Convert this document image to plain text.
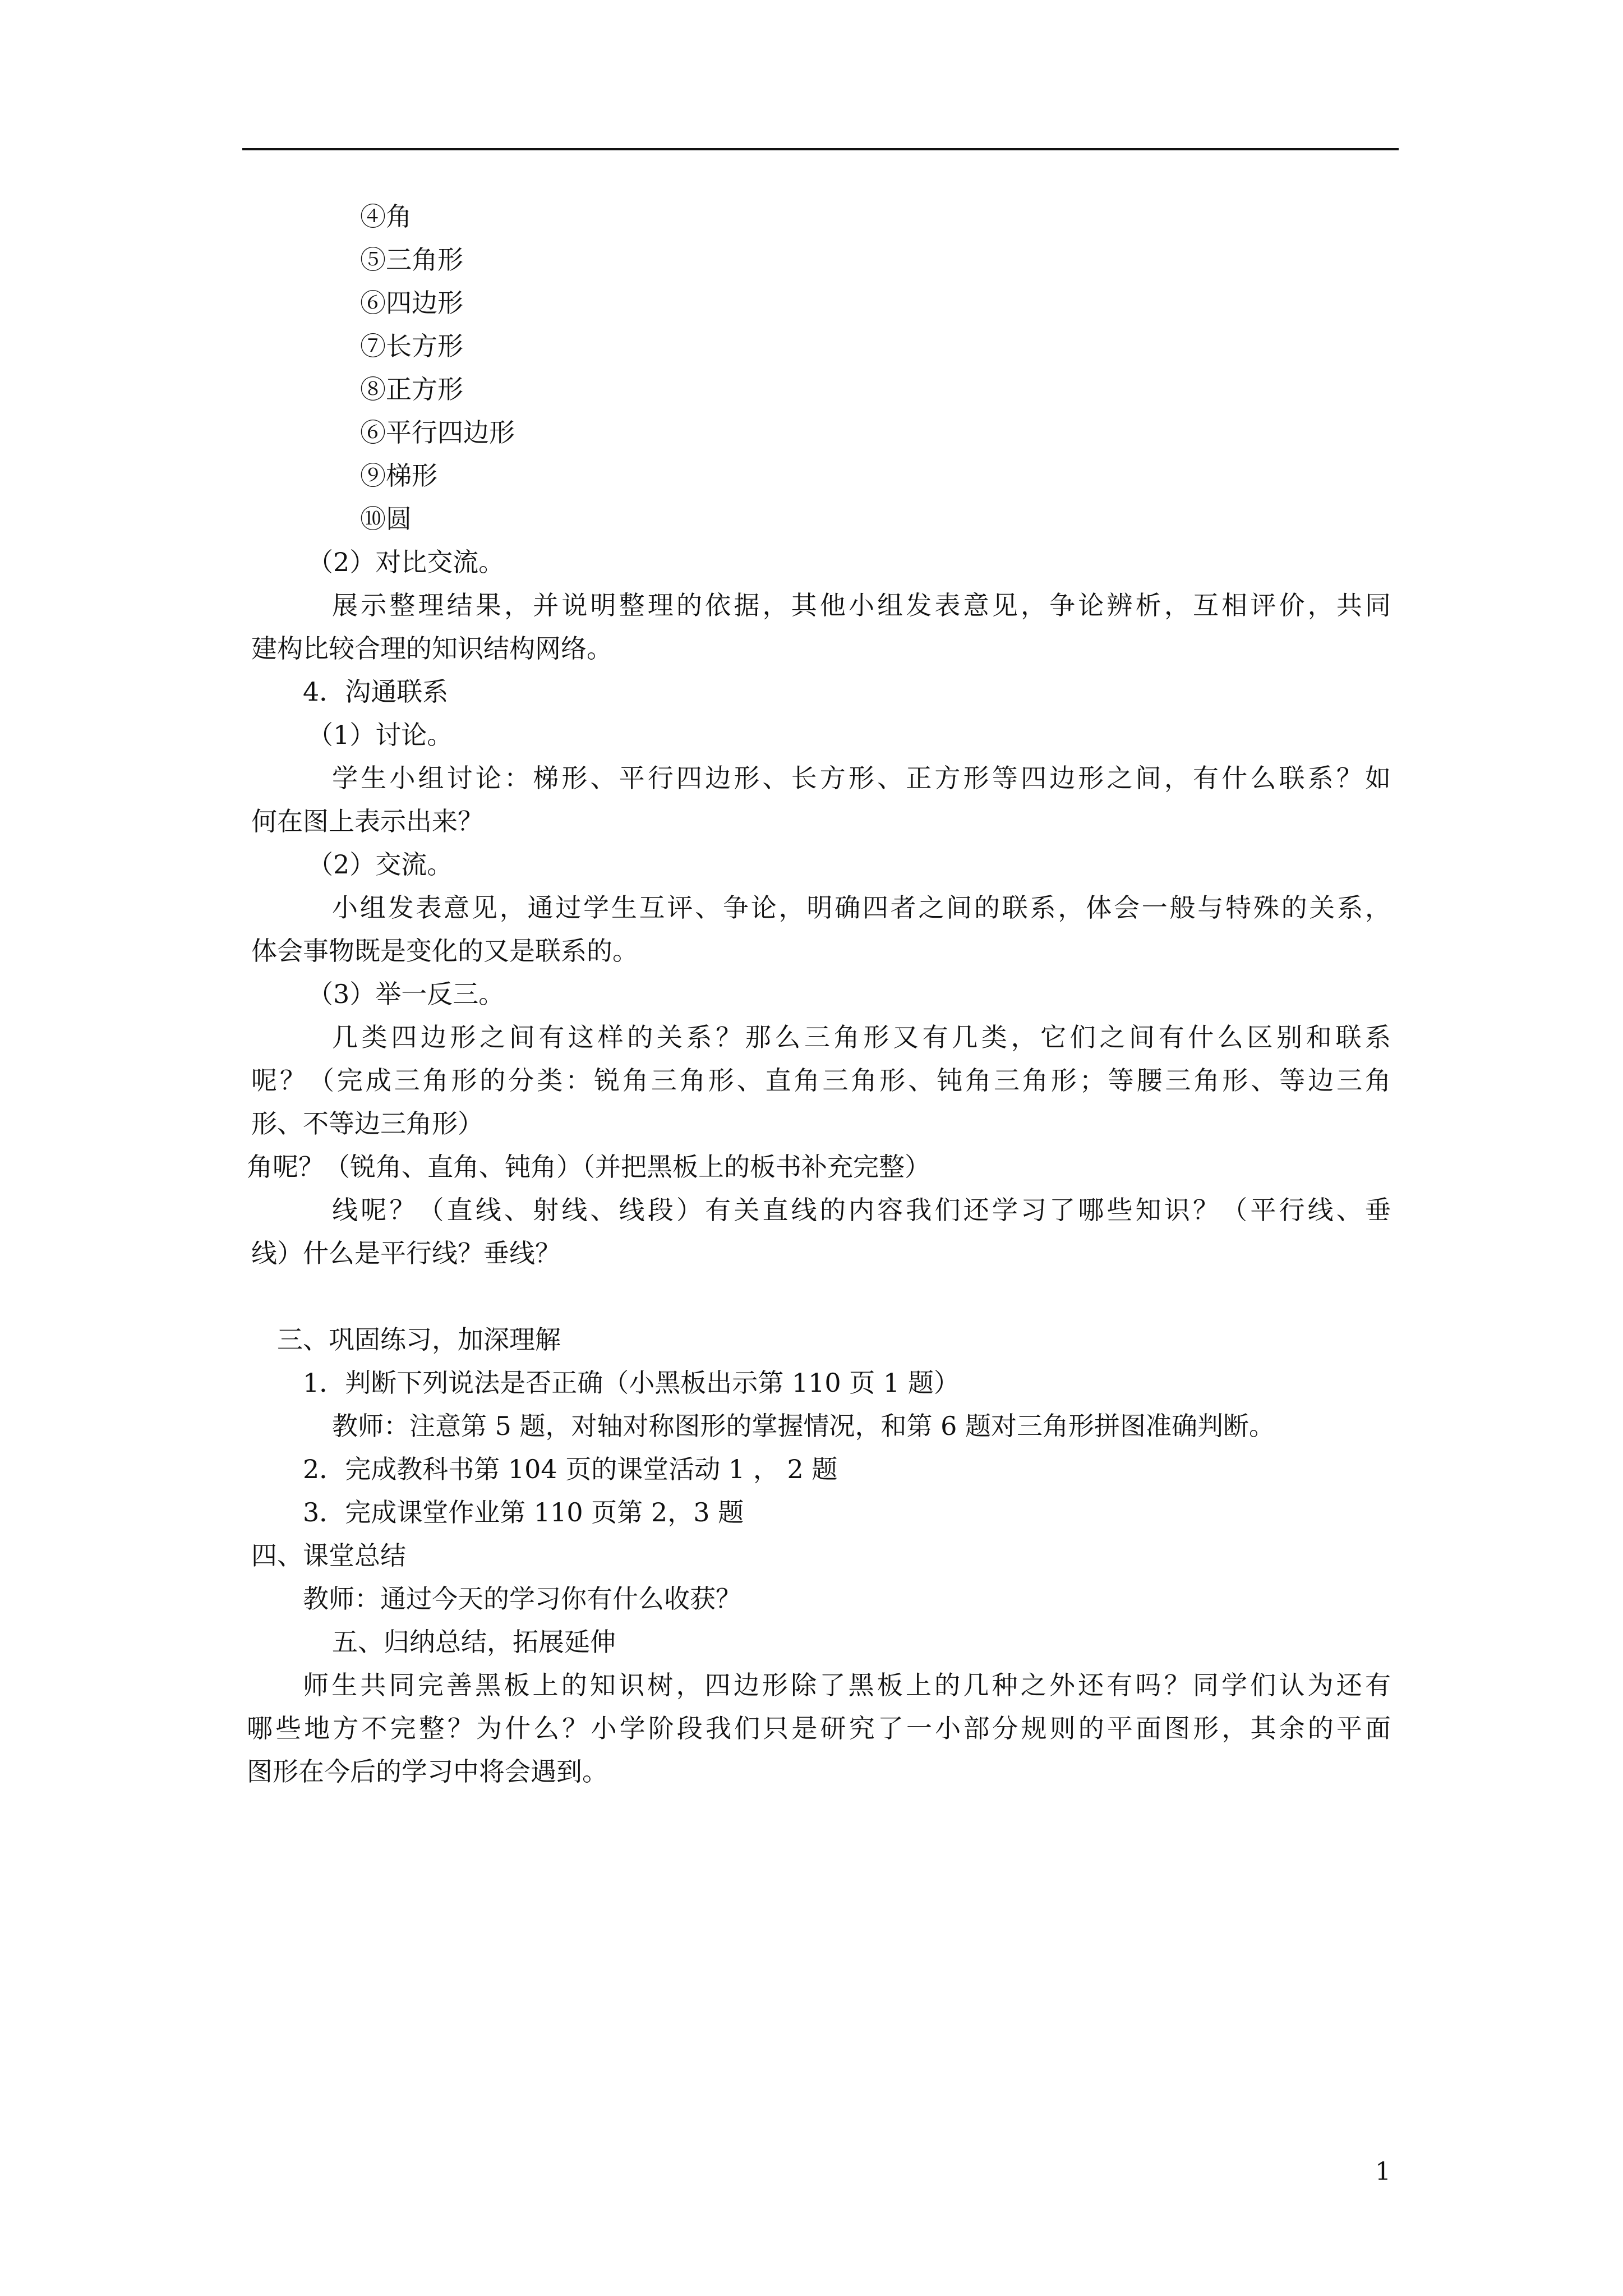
④角
⑤三角形
⑥四边形
⑦长方形
⑧正方形
⑥平行四边形
⑨梯形
⑩圆
（2）对比交流。
展示整理结果，并说明整理的依据，其他小组发表意见，争论辨析，互相评价，共同
建构比较合理的知识结构网络。
4．沟通联系
（1）讨论。
学生小组讨论：梯形、平行四边形、长方形、正方形等四边形之间，有什么联系？如
何在图上表示出来？
（2）交流。
小组发表意见，通过学生互评、争论，明确四者之间的联系，体会一般与特殊的关系，
体会事物既是变化的又是联系的。
（3）举一反三。
几类四边形之间有这样的关系？那么三角形又有几类，它们之间有什么区别和联系
呢？（完成三角形的分类：锐角三角形、直角三角形、钝角三角形；等腰三角形、等边三角
形、不等边三角形）
角呢？（锐角、直角、钝角）（并把黑板上的板书补充完整）
线呢？（直线、射线、线段）有关直线的内容我们还学习了哪些知识？（平行线、垂
线）什么是平行线？垂线？
三、巩固练习，加深理解
1．判断下列说法是否正确（小黑板出示第 110 页 1 题）
教师：注意第 5 题，对轴对称图形的掌握情况，和第 6 题对三角形拼图准确判断。
2．完成教科书第 104 页的课堂活动 1 ， 2 题
3．完成课堂作业第 110 页第 2，3 题
四、课堂总结
教师：通过今天的学习你有什么收获？
五、归纳总结，拓展延伸
师生共同完善黑板上的知识树，四边形除了黑板上的几种之外还有吗？同学们认为还有
哪些地方不完整？为什么？小学阶段我们只是研究了一小部分规则的平面图形，其余的平面
图形在今后的学习中将会遇到。
1
